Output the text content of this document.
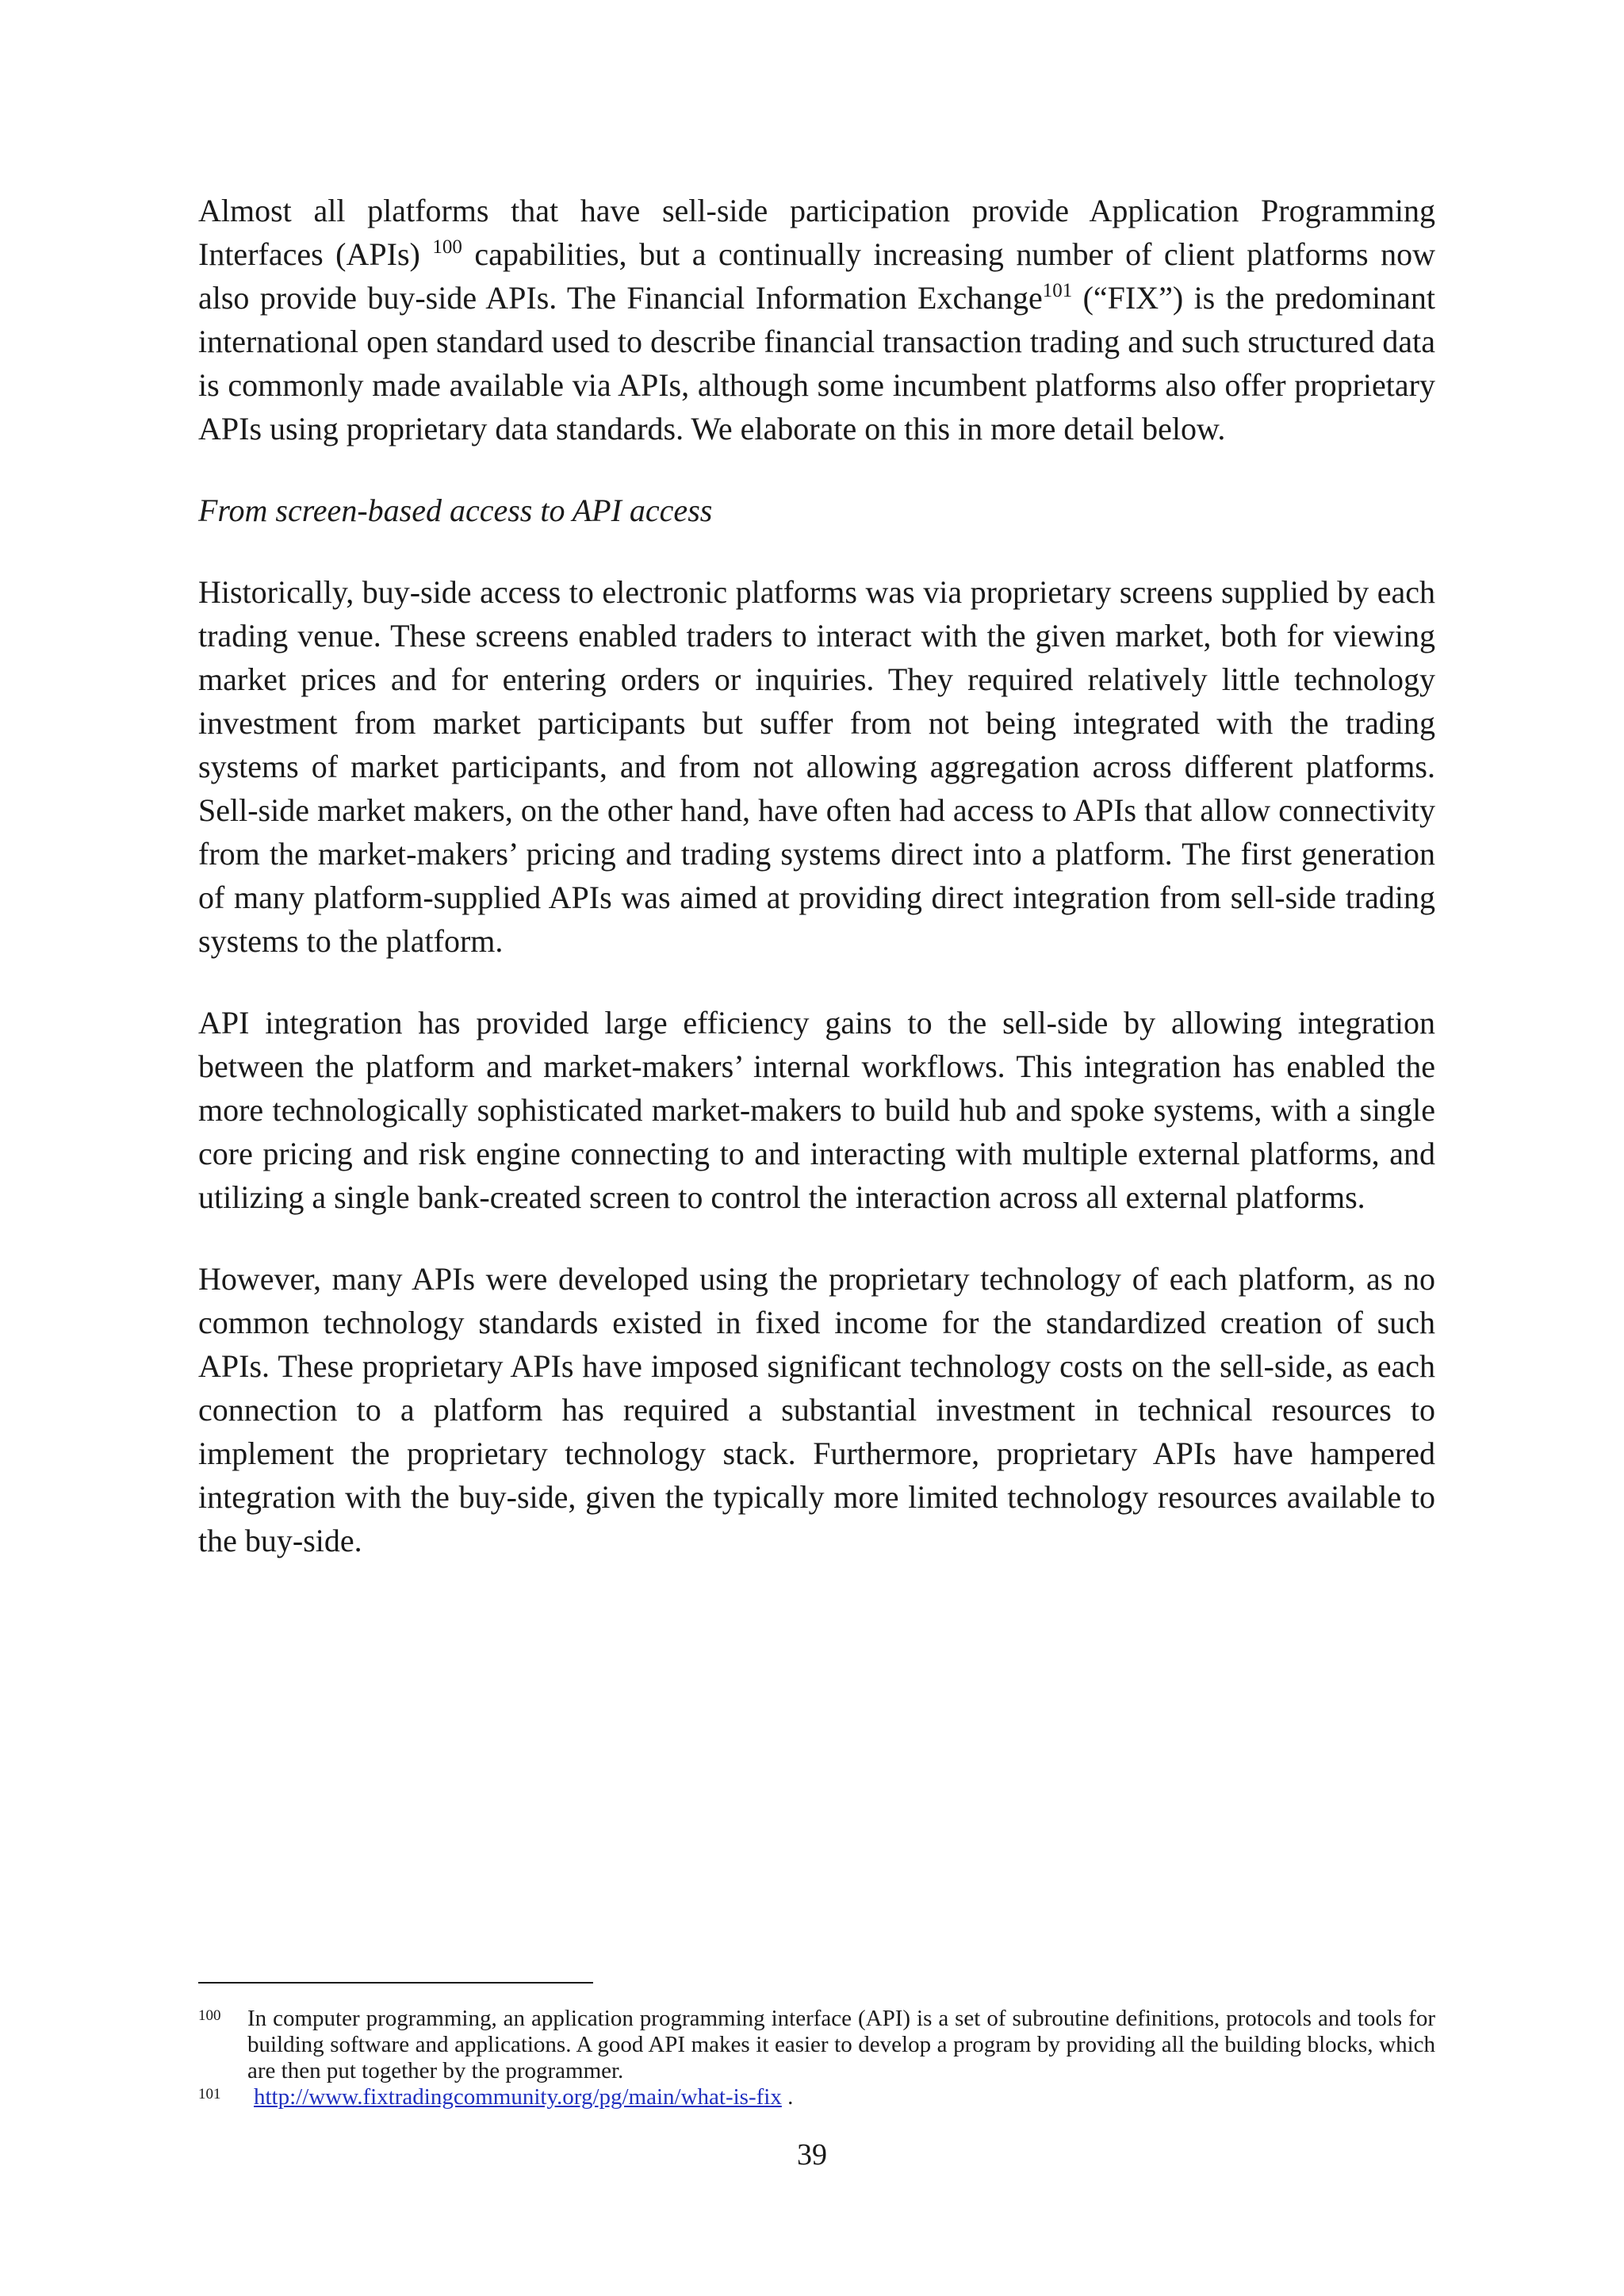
Almost all platforms that have sell-side participation provide Application Programming Interfaces (APIs) $^{100}$ capabilities, but a continually increasing number of client platforms now also provide buy-side APIs. The Financial Information Exchange$^{101}$ (“FIX”) is the predominant international open standard used to describe financial transaction trading and such structured data is commonly made available via APIs, although some incumbent platforms also offer proprietary APIs using proprietary data standards. We elaborate on this in more detail below.

From screen-based access to API access

Historically, buy-side access to electronic platforms was via proprietary screens supplied by each trading venue. These screens enabled traders to interact with the given market, both for viewing market prices and for entering orders or inquiries. They required relatively little technology investment from market participants but suffer from not being integrated with the trading systems of market participants, and from not allowing aggregation across different platforms. Sell-side market makers, on the other hand, have often had access to APIs that allow connectivity from the market-makers’ pricing and trading systems direct into a platform. The first generation of many platform-supplied APIs was aimed at providing direct integration from sell-side trading systems to the platform.

API integration has provided large efficiency gains to the sell-side by allowing integration between the platform and market-makers’ internal workflows. This integration has enabled the more technologically sophisticated market-makers to build hub and spoke systems, with a single core pricing and risk engine connecting to and interacting with multiple external platforms, and utilizing a single bank-created screen to control the interaction across all external platforms.

However, many APIs were developed using the proprietary technology of each platform, as no common technology standards existed in fixed income for the standardized creation of such APIs. These proprietary APIs have imposed significant technology costs on the sell-side, as each connection to a platform has required a substantial investment in technical resources to implement the proprietary technology stack. Furthermore, proprietary APIs have hampered integration with the buy-side, given the typically more limited technology resources available to the buy-side.

100 In computer programming, an application programming interface (API) is a set of subroutine definitions, protocols and tools for building software and applications. A good API makes it easier to develop a program by providing all the building blocks, which are then put together by the programmer.
101 http://www.fixtradingcommunity.org/pg/main/what-is-fix .
39
